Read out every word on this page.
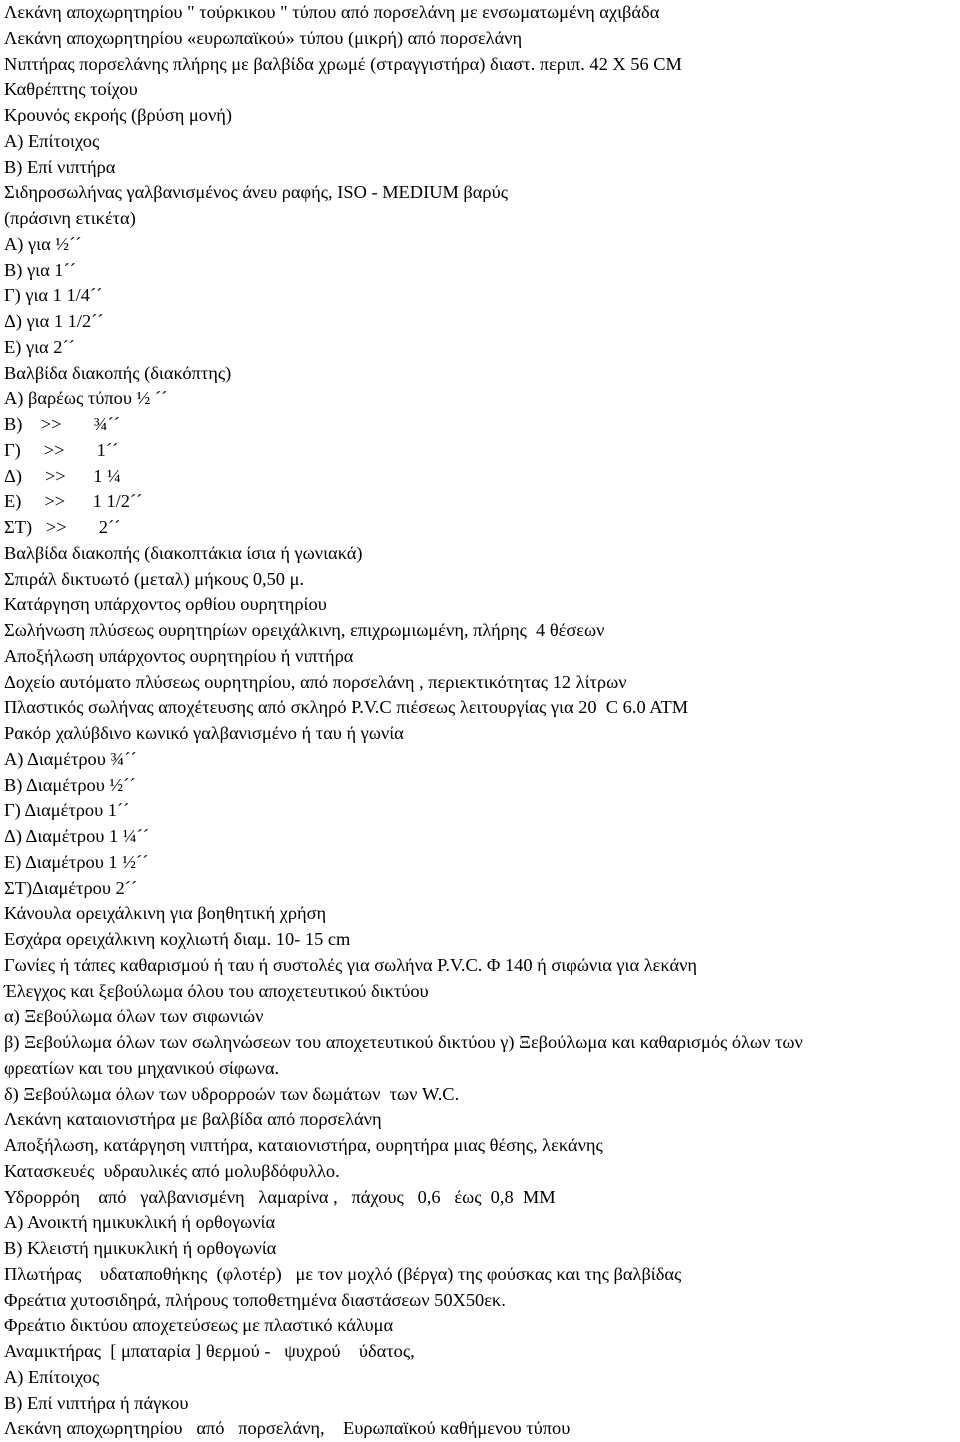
Λεκάνη αποχωρητηρίου " τούρκικου " τύπου από πορσελάνη με ενσωματωμένη αχιβάδα
Λεκάνη αποχωρητηρίου «ευρωπαϊκού» τύπου (μικρή) από πορσελάνη
Νιπτήρας πορσελάνης πλήρης με βαλβίδα χρωμέ (στραγγιστήρα) διαστ. περιπ. 42 X 56 CM
Καθρέπτης τοίχου
Κρουνός εκροής (βρύση μονή)
Α) Επίτοιχος
Β) Επί νιπτήρα
Σιδηροσωλήνας γαλβανισμένος άνευ ραφής, ISO - MEDIUM βαρύς
(πράσινη ετικέτα)
Α) για ½´´
Β) για 1´´
Γ) για 1 1/4´´
Δ) για 1 1/2´´
Ε) για 2´´
Βαλβίδα διακοπής (διακόπτης)
Α) βαρέως τύπου ½ ´´
Β)    >>       ¾´´
Γ)     >>       1´´
Δ)     >>      1 ¼
Ε)     >>      1 1/2´´
ΣΤ)   >>       2´´
Βαλβίδα διακοπής (διακοπτάκια ίσια ή γωνιακά)
Σπιράλ δικτυωτό (μεταλ) μήκους 0,50 μ.
Κατάργηση υπάρχοντος ορθίου ουρητηρίου
Σωλήνωση πλύσεως ουρητηρίων ορειχάλκινη, επιχρωμιωμένη, πλήρης  4 θέσεων
Αποξήλωση υπάρχοντος ουρητηρίου ή νιπτήρα
Δοχείο αυτόματο πλύσεως ουρητηρίου, από πορσελάνη , περιεκτικότητας 12 λίτρων
Πλαστικός σωλήνας αποχέτευσης από σκληρό P.V.C πιέσεως λειτουργίας για 20  C 6.0 ATM
Ρακόρ χαλύβδινο κωνικό γαλβανισμένο ή ταυ ή γωνία
Α) Διαμέτρου ¾´´
Β) Διαμέτρου ½´´
Γ) Διαμέτρου 1´´
Δ) Διαμέτρου 1 ¼´´
Ε) Διαμέτρου 1 ½´´
ΣΤ)Διαμέτρου 2´´
Κάνουλα ορειχάλκινη για βοηθητική χρήση
Εσχάρα ορειχάλκινη κοχλιωτή διαμ. 10- 15 cm
Γωνίες ή τάπες καθαρισμού ή ταυ ή συστολές για σωλήνα P.V.C. Φ 140 ή σιφώνια για λεκάνη
Έλεγχος και ξεβούλωμα όλου του αποχετευτικού δικτύου
α) Ξεβούλωμα όλων των σιφωνιών
β) Ξεβούλωμα όλων των σωληνώσεων του αποχετευτικού δικτύου γ) Ξεβούλωμα και καθαρισμός όλων των
φρεατίων και του μηχανικού σίφωνα.
δ) Ξεβούλωμα όλων των υδρορροών των δωμάτων  των W.C.
Λεκάνη καταιονιστήρα με βαλβίδα από πορσελάνη
Αποξήλωση, κατάργηση νιπτήρα, καταιονιστήρα, ουρητήρα μιας θέσης, λεκάνης
Κατασκευές  υδραυλικές από μολυβδόφυλλο.
Υδρορρόη    από   γαλβανισμένη   λαμαρίνα ,   πάχους   0,6   έως  0,8  MM
Α) Ανοικτή ημικυκλική ή ορθογωνία
Β) Κλειστή ημικυκλική ή ορθογωνία
Πλωτήρας    υδαταποθήκης  (φλοτέρ)   με τον μοχλό (βέργα) της φούσκας και της βαλβίδας
Φρεάτια χυτοσιδηρά, πλήρους τοποθετημένα διαστάσεων 50Χ50εκ.
Φρεάτιο δικτύου αποχετεύσεως με πλαστικό κάλυμα
Αναμικτήρας  [ μπαταρία ] θερμού -   ψυχρού    ύδατος,
Α) Επίτοιχος
Β) Επί νιπτήρα ή πάγκου
Λεκάνη αποχωρητηρίου   από   πορσελάνη,    Ευρωπαϊκού καθήμενου τύπου
